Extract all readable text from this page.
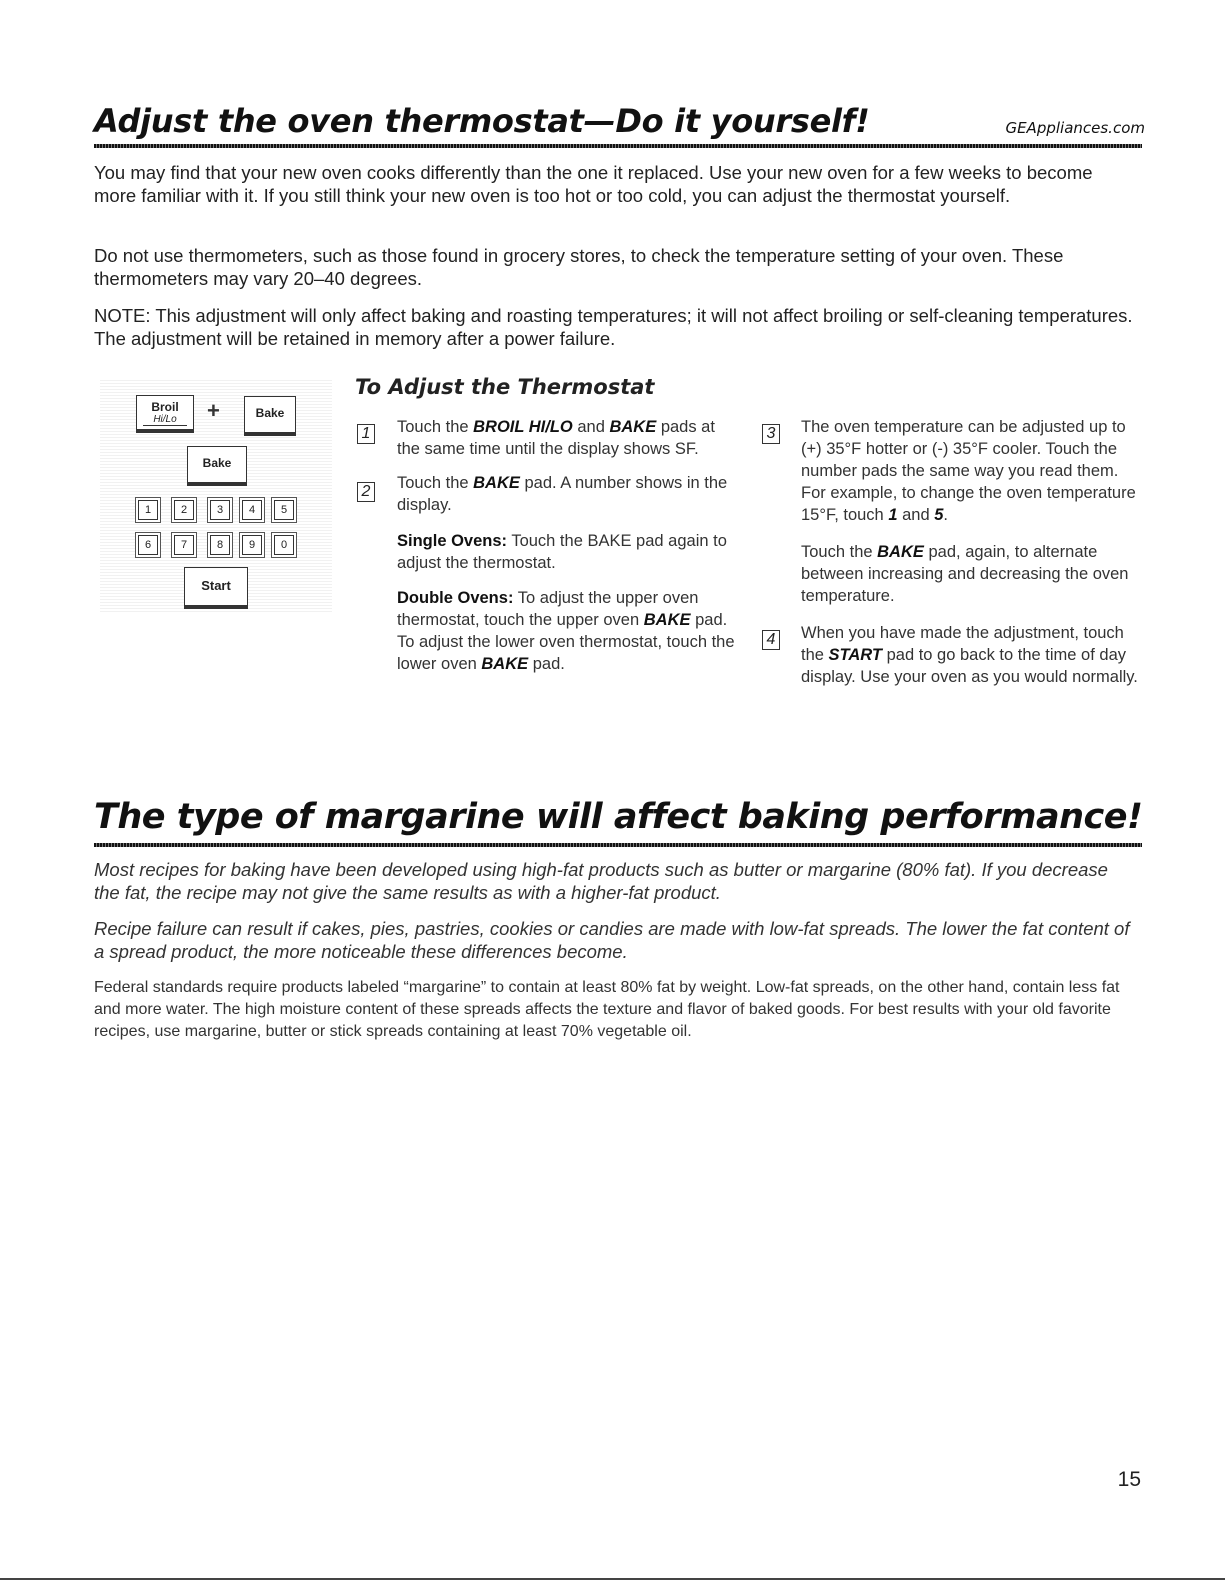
Adjust the oven thermostat—Do it yourself!	GEAppliances.com
You may find that your new oven cooks differently than the one it replaced. Use your new oven for a few weeks to become more familiar with it. If you still think your new oven is too hot or too cold, you can adjust the thermostat yourself.
Do not use thermometers, such as those found in grocery stores, to check the temperature setting of your oven. These thermometers may vary 20–40 degrees.
NOTE: This adjustment will only affect baking and roasting temperatures; it will not affect broiling or self-cleaning temperatures. The adjustment will be retained in memory after a power failure.
Broil
Hi/Lo	+	Bake
Bake
1	2	3	4	5
6	7	8	9	0
Start
To Adjust the Thermostat
1 Touch the BROIL HI/LO and BAKE pads at the same time until the display shows SF.
2 Touch the BAKE pad. A number shows in the display.
Single Ovens: Touch the BAKE pad again to adjust the thermostat.
Double Ovens: To adjust the upper oven thermostat, touch the upper oven BAKE pad. To adjust the lower oven thermostat, touch the lower oven BAKE pad.
3 The oven temperature can be adjusted up to (+) 35°F hotter or (-) 35°F cooler. Touch the number pads the same way you read them. For example, to change the oven temperature 15°F, touch 1 and 5.
Touch the BAKE pad, again, to alternate between increasing and decreasing the oven temperature.
4 When you have made the adjustment, touch the START pad to go back to the time of day display. Use your oven as you would normally.
The type of margarine will affect baking performance!
Most recipes for baking have been developed using high-fat products such as butter or margarine (80% fat). If you decrease the fat, the recipe may not give the same results as with a higher-fat product.
Recipe failure can result if cakes, pies, pastries, cookies or candies are made with low-fat spreads. The lower the fat content of a spread product, the more noticeable these differences become.
Federal standards require products labeled “margarine” to contain at least 80% fat by weight. Low-fat spreads, on the other hand, contain less fat and more water. The high moisture content of these spreads affects the texture and flavor of baked goods. For best results with your old favorite recipes, use margarine, butter or stick spreads containing at least 70% vegetable oil.
15
